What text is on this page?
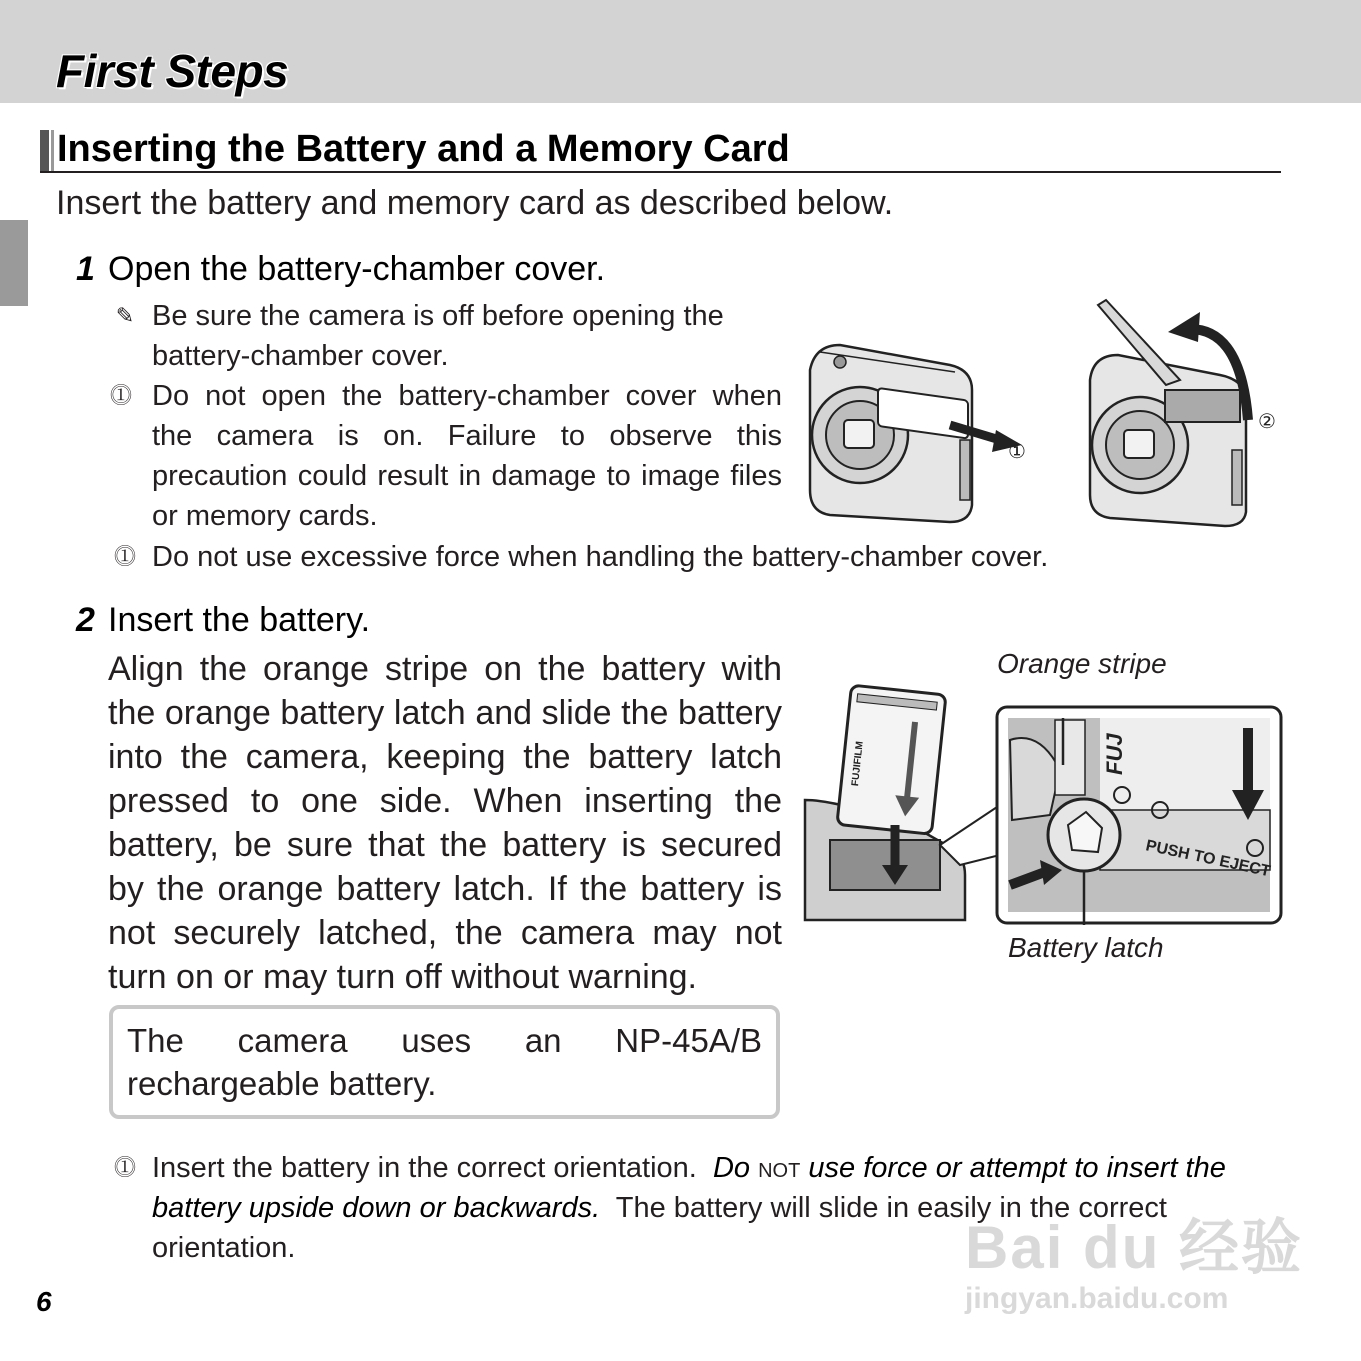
First Steps
Inserting the Battery and a Memory Card
Insert the battery and memory card as described below.
1 Open the battery-chamber cover.
✎ Be sure the camera is off before opening the battery-chamber cover.
⓵ Do not open the battery-chamber cover when the camera is on. Failure to observe this precaution could result in damage to image files or memory cards.
⓵ Do not use excessive force when handling the battery-chamber cover.
①
②
2 Insert the battery.
Align the orange stripe on the battery with the orange battery latch and slide the battery into the camera, keeping the battery latch pressed to one side. When inserting the battery, be sure that the battery is secured by the orange battery latch. If the battery is not securely latched, the camera may not turn on or may turn off without warning.
The camera uses an NP-45A/B rechargeable battery.
Orange stripe
Battery latch
FUJIFILM
PUSH TO EJECT
FUJ
⓵ Insert the battery in the correct orientation. Do not use force or attempt to insert the battery upside down or backwards. The battery will slide in easily in the correct orientation.
6
Bai du 经验
jingyan.baidu.com
